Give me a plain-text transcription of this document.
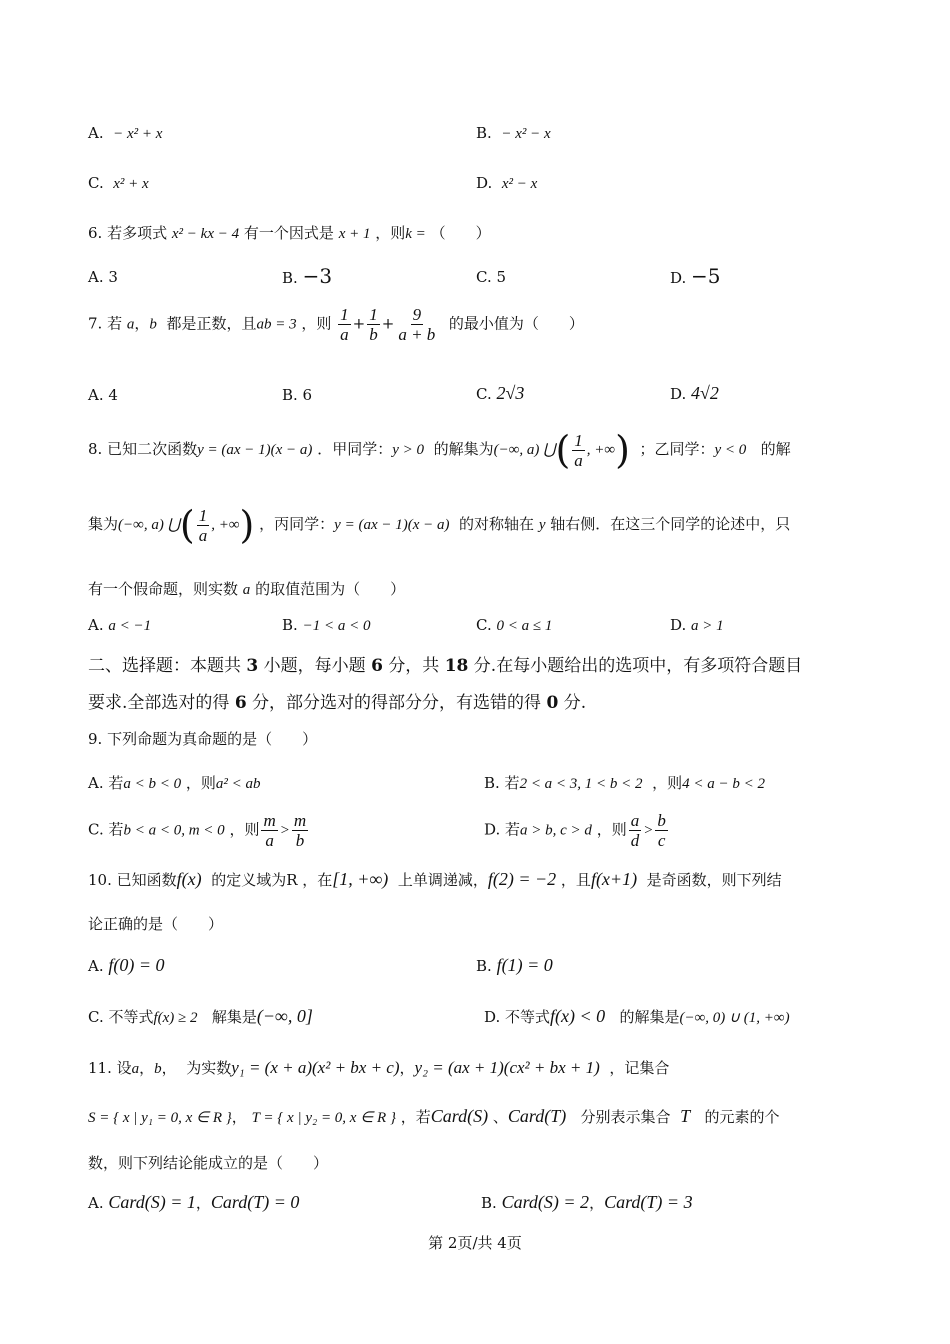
A. − x² + x	B. − x² − x
C. x² + x	D. x² − x
6. 若多项式 x² − kx − 4 有一个因式是 x + 1 ，则k = （　　）
A. 3	B. −3	C. 5	D. −5
7. 若 a，b 都是正数，且ab = 3 ，则 $\frac{1}{a} + \frac{1}{b} + \frac{9}{a + b}$ 的最小值为（　　）
A. 4	B. 6	C. 2√3	D. 4√2
8. 已知二次函数y = (ax − 1)(x − a) ．甲同学：y > 0 的解集为(−∞, a) ⋃( $\frac{1}{a}$ , +∞) ；乙同学：y < 0 的解
集为(−∞, a) ⋃( $\frac{1}{a}$ , +∞) ，丙同学：y = (ax − 1)(x − a) 的对称轴在 y 轴右侧．在这三个同学的论述中，只
有一个假命题，则实数 a 的取值范围为（　　）
A. a < −1	B. −1 < a < 0	C. 0 < a ≤ 1	D. a > 1
二、选择题：本题共 3 小题，每小题 6 分，共 18 分.在每小题给出的选项中，有多项符合题目
要求.全部选对的得 6 分，部分选对的得部分分，有选错的得 0 分.
9. 下列命题为真命题的是（　　）
A. 若a < b < 0 ，则a² < ab	B. 若2 < a < 3, 1 < b < 2 ，则4 < a − b < 2
C. 若b < a < 0, m < 0 ，则 $\frac{m}{a} > \frac{m}{b}$	D. 若a > b, c > d ，则 $\frac{a}{d} > \frac{b}{c}$
10. 已知函数f(x) 的定义域为R ，在[1, +∞) 上单调递减，f(2) = −2 ，且f(x+1) 是奇函数，则下列结
论正确的是（　　）
A. f(0) = 0	B. f(1) = 0
C. 不等式f(x) ≥ 2 解集是(−∞, 0]	D. 不等式f(x) < 0 的解集是(−∞, 0) ∪ (1, +∞)
11. 设a，b， 为实数y₁ = (x + a)(x² + bx + c)，y₂ = (ax + 1)(cx² + bx + 1) ，记集合
S = { x | y₁ = 0, x ∈ R }， T = { x | y₂ = 0, x ∈ R } ，若Card(S) 、Card(T) 分别表示集合 T 的元素的个
数，则下列结论能成立的是（　　）
A. Card(S) = 1，Card(T) = 0	B. Card(S) = 2，Card(T) = 3
第 2页/共 4页
